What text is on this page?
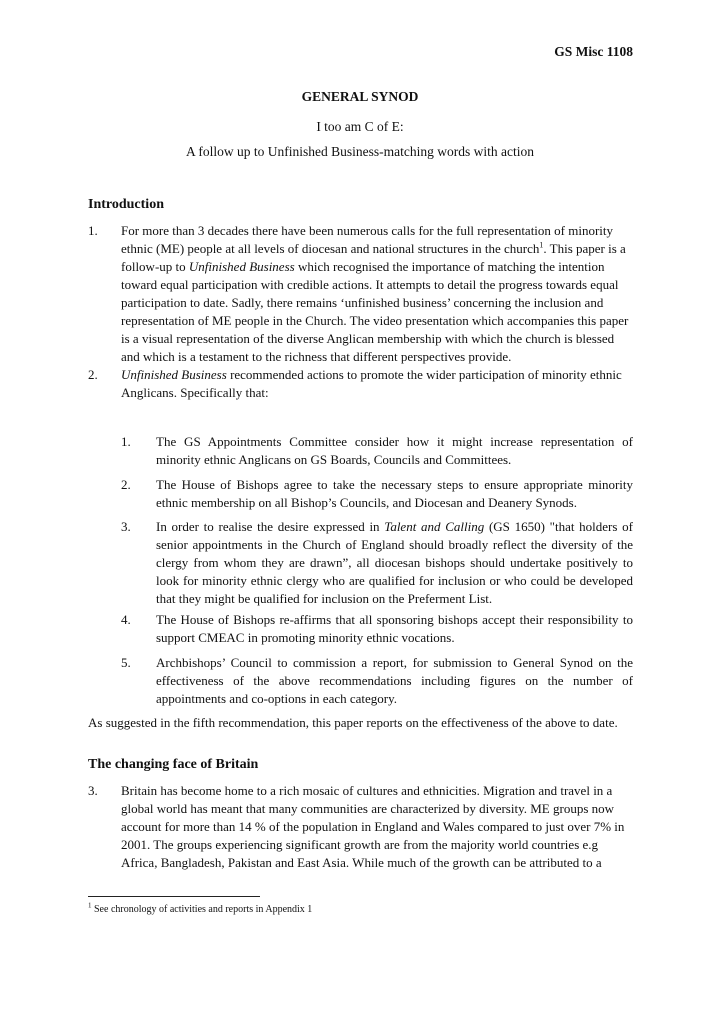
GS Misc 1108
GENERAL SYNOD
I too am C of E:
A follow up to Unfinished Business-matching words with action
Introduction
1. For more than 3 decades there have been numerous calls for the full representation of minority ethnic (ME) people at all levels of diocesan and national structures in the church$^1$. This paper is a follow-up to Unfinished Business which recognised the importance of matching the intention toward equal participation with credible actions. It attempts to detail the progress towards equal participation to date. Sadly, there remains ‘unfinished business’ concerning the inclusion and representation of ME people in the Church. The video presentation which accompanies this paper is a visual representation of the diverse Anglican membership with which the church is blessed and which is a testament to the richness that different perspectives provide.
2. Unfinished Business recommended actions to promote the wider participation of minority ethnic Anglicans. Specifically that:
1. The GS Appointments Committee consider how it might increase representation of minority ethnic Anglicans on GS Boards, Councils and Committees.
2. The House of Bishops agree to take the necessary steps to ensure appropriate minority ethnic membership on all Bishop’s Councils, and Diocesan and Deanery Synods.
3. In order to realise the desire expressed in Talent and Calling (GS 1650) "that holders of senior appointments in the Church of England should broadly reflect the diversity of the clergy from whom they are drawn”, all diocesan bishops should undertake positively to look for minority ethnic clergy who are qualified for inclusion or who could be developed that they might be qualified for inclusion on the Preferment List.
4. The House of Bishops re-affirms that all sponsoring bishops accept their responsibility to support CMEAC in promoting minority ethnic vocations.
5. Archbishops’ Council to commission a report, for submission to General Synod on the effectiveness of the above recommendations including figures on the number of appointments and co-options in each category.
As suggested in the fifth recommendation, this paper reports on the effectiveness of the above to date.
The changing face of Britain
3. Britain has become home to a rich mosaic of cultures and ethnicities. Migration and travel in a global world has meant that many communities are characterized by diversity. ME groups now account for more than 14 % of the population in England and Wales compared to just over 7% in 2001. The groups experiencing significant growth are from the majority world countries e.g Africa, Bangladesh, Pakistan and East Asia. While much of the growth can be attributed to a
$^1$ See chronology of activities and reports in Appendix 1
